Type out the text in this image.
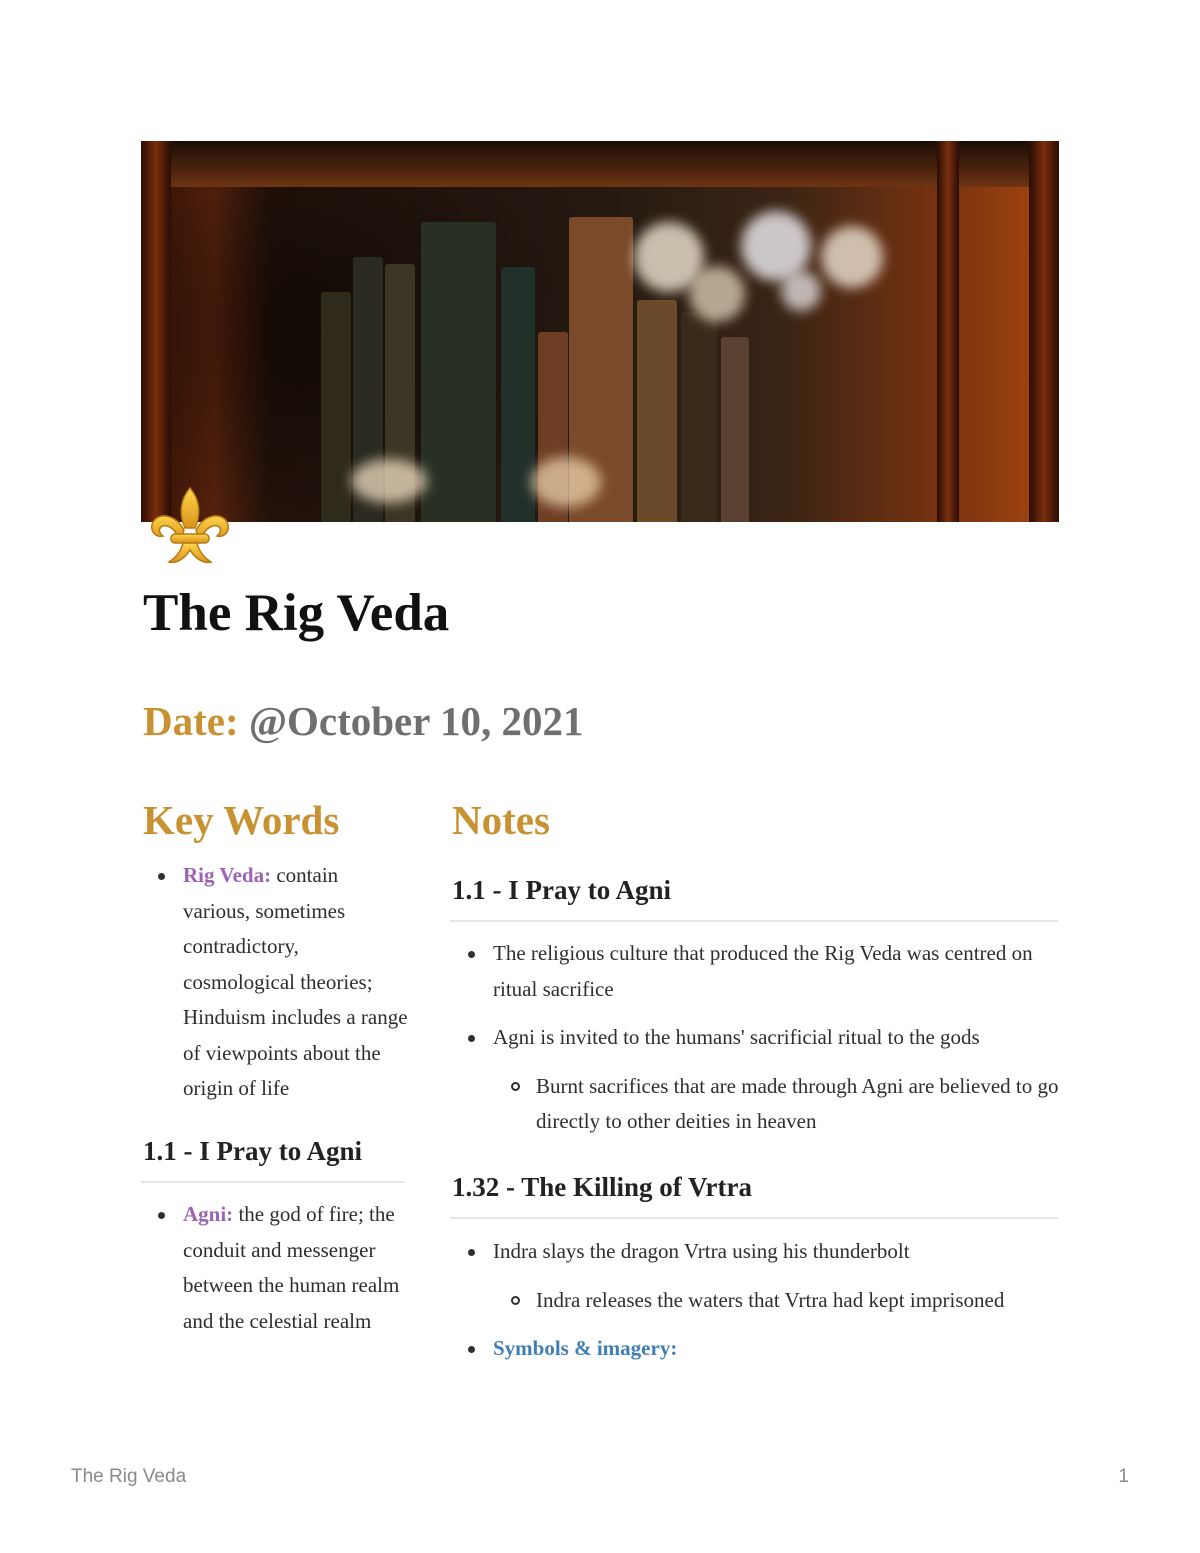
The Rig Veda
Date: @October 10, 2021
Key Words
Rig Veda: contain various, sometimes contradictory, cosmological theories; Hinduism includes a range of viewpoints about the origin of life
1.1 - I Pray to Agni
Agni: the god of fire; the conduit and messenger between the human realm and the celestial realm
Notes
1.1 - I Pray to Agni
The religious culture that produced the Rig Veda was centred on ritual sacrifice
Agni is invited to the humans' sacrificial ritual to the gods
Burnt sacrifices that are made through Agni are believed to go directly to other deities in heaven
1.32 - The Killing of Vrtra
Indra slays the dragon Vrtra using his thunderbolt
Indra releases the waters that Vrtra had kept imprisoned
Symbols & imagery:
The Rig Veda	1
